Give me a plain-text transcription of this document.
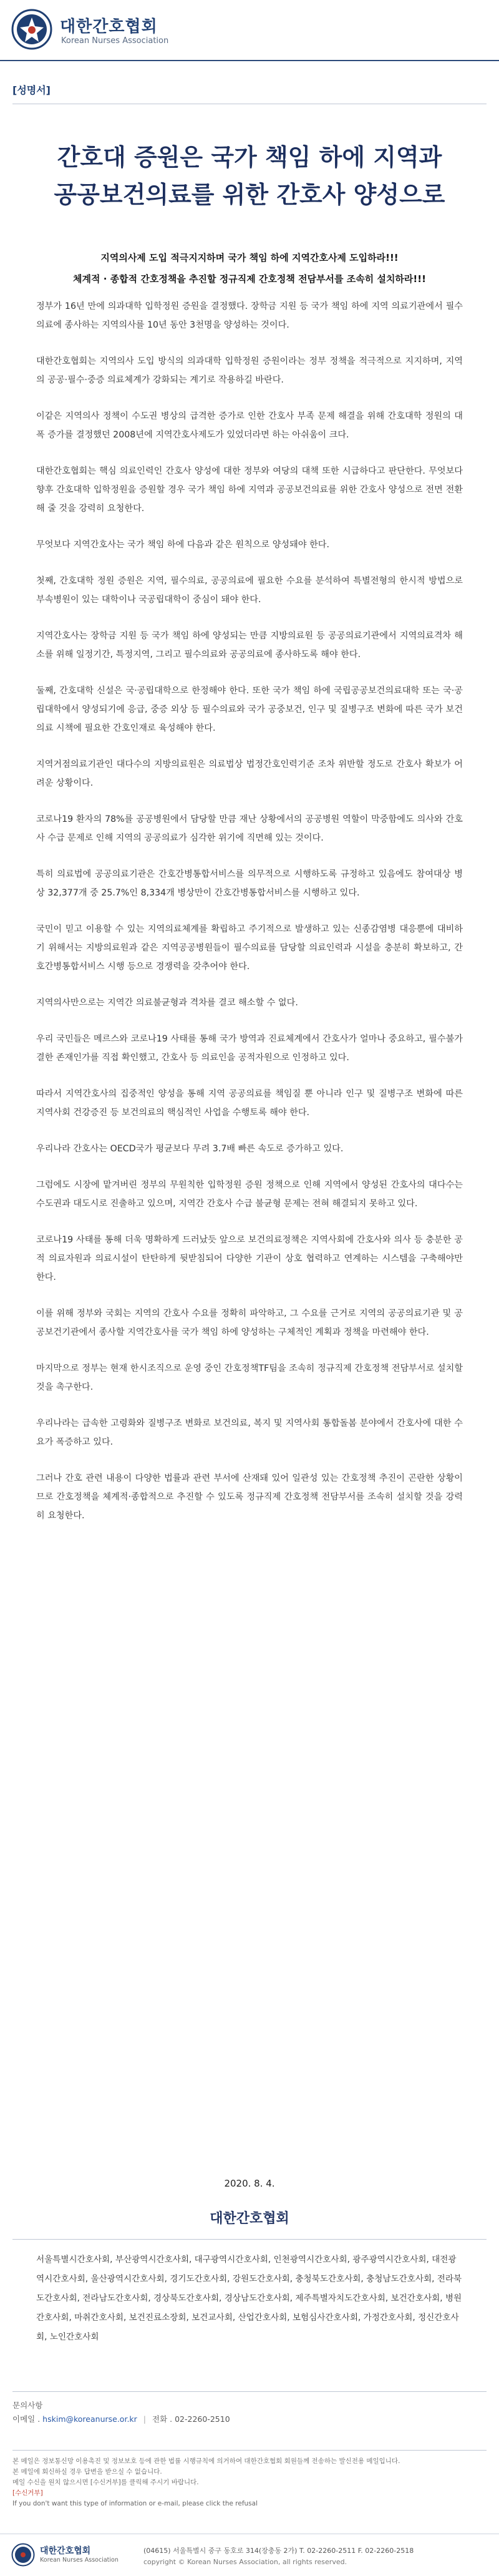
대한간호협회
Korean Nurses Association
[성명서]
간호대 증원은 국가 책임 하에 지역과
공공보건의료를 위한 간호사 양성으로
지역의사제 도입 적극지지하며 국가 책임 하에 지역간호사제 도입하라!!!
체계적 · 종합적 간호정책을 추진할 정규직제 간호정책 전담부서를 조속히 설치하라!!!

정부가 16년 만에 의과대학 입학정원 증원을 결정했다. 장학금 지원 등 국가 책임 하에 지역 의료기관에서 필수의료에 종사하는 지역의사를 10년 동안 3천명을 양성하는 것이다.

대한간호협회는 지역의사 도입 방식의 의과대학 입학정원 증원이라는 정부 정책을 적극적으로 지지하며, 지역의 공공·필수·중증 의료체계가 강화되는 계기로 작용하길 바란다.

이같은 지역의사 정책이 수도권 병상의 급격한 증가로 인한 간호사 부족 문제 해결을 위해 간호대학 정원의 대폭 증가를 결정했던 2008년에 지역간호사제도가 있었더라면 하는 아쉬움이 크다.

대한간호협회는 핵심 의료인력인 간호사 양성에 대한 정부와 여당의 대책 또한 시급하다고 판단한다. 무엇보다 향후 간호대학 입학정원을 증원할 경우 국가 책임 하에 지역과 공공보건의료를 위한 간호사 양성으로 전면 전환해 줄 것을 강력히 요청한다.

무엇보다 지역간호사는 국가 책임 하에 다음과 같은 원칙으로 양성돼야 한다.

첫째, 간호대학 정원 증원은 지역, 필수의료, 공공의료에 필요한 수요를 분석하여 특별전형의 한시적 방법으로 부속병원이 있는 대학이나 국공립대학이 중심이 돼야 한다.

지역간호사는 장학금 지원 등 국가 책임 하에 양성되는 만큼 지방의료원 등 공공의료기관에서 지역의료격차 해소를 위해 일정기간, 특정지역, 그리고 필수의료와 공공의료에 종사하도록 해야 한다.

둘째, 간호대학 신설은 국·공립대학으로 한정해야 한다. 또한 국가 책임 하에 국립공공보건의료대학 또는 국·공립대학에서 양성되기에 응급, 중증 외상 등 필수의료와 국가 공중보건, 인구 및 질병구조 변화에 따른 국가 보건의료 시책에 필요한 간호인재로 육성해야 한다.

지역거점의료기관인 대다수의 지방의료원은 의료법상 법정간호인력기준 조차 위반할 정도로 간호사 확보가 어려운 상황이다.

코로나19 환자의 78%를 공공병원에서 담당할 만큼 재난 상황에서의 공공병원 역할이 막중함에도 의사와 간호사 수급 문제로 인해 지역의 공공의료가 심각한 위기에 직면해 있는 것이다.

특히 의료법에 공공의료기관은 간호간병통합서비스를 의무적으로 시행하도록 규정하고 있음에도 참여대상 병상 32,377개 중 25.7%인 8,334개 병상만이 간호간병통합서비스를 시행하고 있다.

국민이 믿고 이용할 수 있는 지역의료체계를 확립하고 주기적으로 발생하고 있는 신종감염병 대응뿐에 대비하기 위해서는 지방의료원과 같은 지역공공병원들이 필수의료를 담당할 의료인력과 시설을 충분히 확보하고, 간호간병통합서비스 시행 등으로 경쟁력을 갖추어야 한다.

지역의사만으로는 지역간 의료불균형과 격차를 결코 해소할 수 없다.

우리 국민들은 메르스와 코로나19 사태를 통해 국가 방역과 진료체계에서 간호사가 얼마나 중요하고, 필수불가결한 존재인가를 직접 확인했고, 간호사 등 의료인을 공적자원으로 인정하고 있다.

따라서 지역간호사의 집중적인 양성을 통해 지역 공공의료를 책임질 뿐 아니라 인구 및 질병구조 변화에 따른 지역사회 건강증진 등 보건의료의 핵심적인 사업을 수행토록 해야 한다.

우리나라 간호사는 OECD국가 평균보다 무려 3.7배 빠른 속도로 증가하고 있다.

그럼에도 시장에 맡겨버린 정부의 무원칙한 입학정원 증원 정책으로 인해 지역에서 양성된 간호사의 대다수는 수도권과 대도시로 진출하고 있으며, 지역간 간호사 수급 불균형 문제는 전혀 해결되지 못하고 있다.

코로나19 사태를 통해 더욱 명확하게 드러났듯 앞으로 보건의료정책은 지역사회에 간호사와 의사 등 충분한 공적 의료자원과 의료시설이 탄탄하게 뒷받침되어 다양한 기관이 상호 협력하고 연계하는 시스템을 구축해야만 한다.

이를 위해 정부와 국회는 지역의 간호사 수요를 정확히 파악하고, 그 수요를 근거로 지역의 공공의료기관 및 공공보건기관에서 종사할 지역간호사를 국가 책임 하에 양성하는 구체적인 계획과 정책을 마련해야 한다.

마지막으로 정부는 현재 한시조직으로 운영 중인 간호정책TF팀을 조속히 정규직제 간호정책 전담부서로 설치할 것을 촉구한다.

우리나라는 급속한 고령화와 질병구조 변화로 보건의료, 복지 및 지역사회 통합돌봄 분야에서 간호사에 대한 수요가 폭증하고 있다.

그러나 간호 관련 내용이 다양한 법률과 관련 부서에 산재돼 있어 일관성 있는 간호정책 추진이 곤란한 상황이므로 간호정책을 체계적·종합적으로 추진할 수 있도록 정규직제 간호정책 전담부서를 조속히 설치할 것을 강력히 요청한다.

2020. 8. 4.
대한간호협회
서울특별시간호사회, 부산광역시간호사회, 대구광역시간호사회, 인천광역시간호사회, 광주광역시간호사회, 대전광역시간호사회, 울산광역시간호사회, 경기도간호사회, 강원도간호사회, 충청북도간호사회, 충청남도간호사회, 전라북도간호사회, 전라남도간호사회, 경상북도간호사회, 경상남도간호사회, 제주특별자치도간호사회, 보건간호사회, 병원간호사회, 마취간호사회, 보건진료소장회, 보건교사회, 산업간호사회, 보험심사간호사회, 가정간호사회, 정신간호사회, 노인간호사회
문의사항
이메일 . hskim@koreanurse.or.kr | 전화 . 02-2260-2510
본 메일은 정보통신망 이용촉진 및 정보보호 등에 관한 법률 시행규칙에 의거하여 대한간호협회 회원들께 전송하는 발신전용 메일입니다.
본 메일에 회신하실 경우 답변을 받으실 수 없습니다.
메일 수신을 원치 않으시면 [수신거부]를 클릭해 주시기 바랍니다.
[수신거부]
If you don't want this type of information or e-mail, please click the refusal
대한간호협회
Korean Nurses Association
(04615) 서울특별시 중구 동호로 314(장충동 2가) T. 02-2260-2511 F. 02-2260-2518
copyright © Korean Nurses Association, all rights reserved.
